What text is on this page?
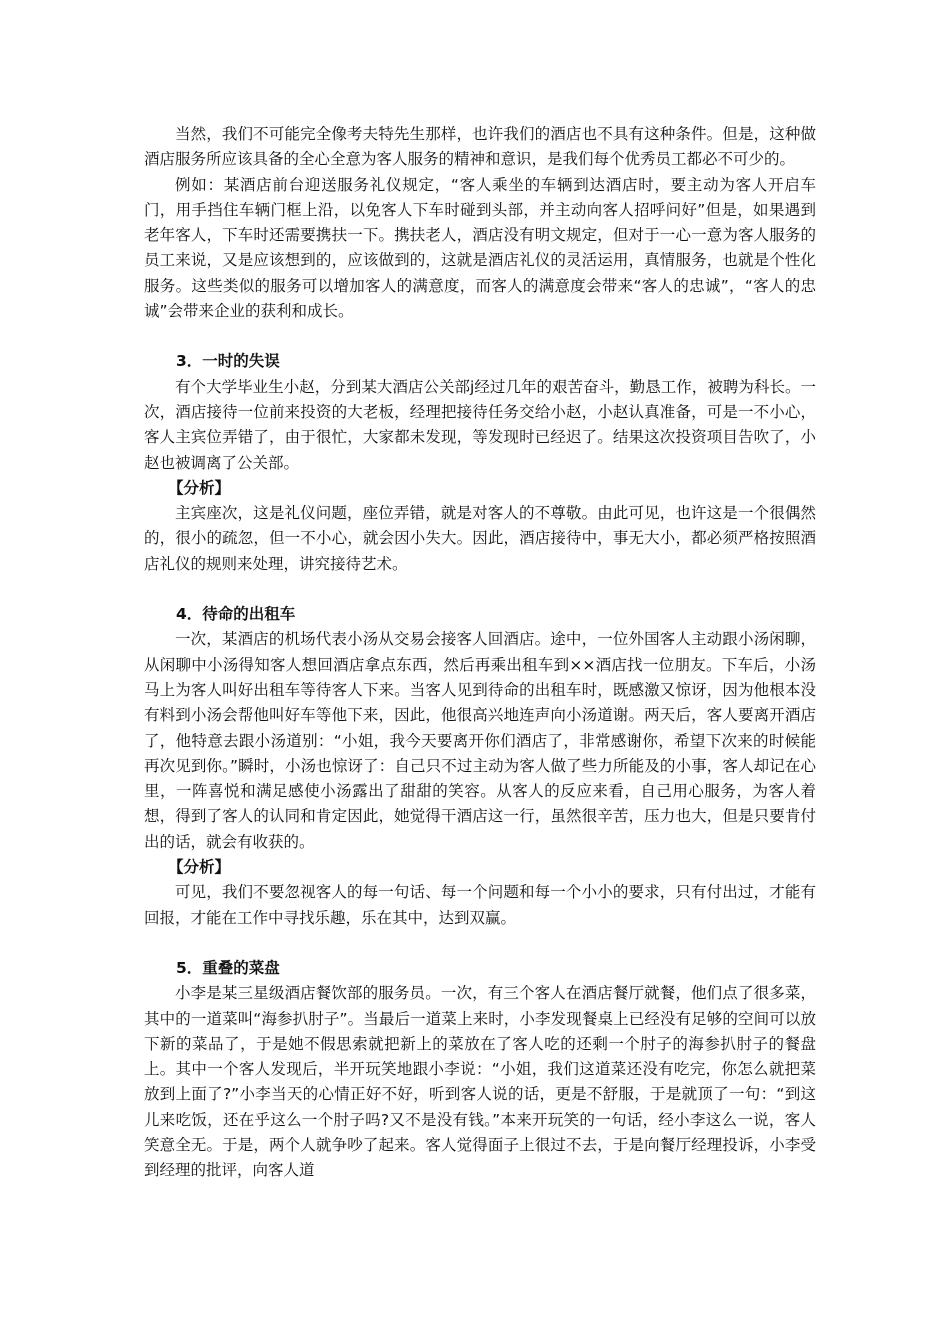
当然，我们不可能完全像考夫特先生那样，也许我们的酒店也不具有这种条件。但是，这种做酒店服务所应该具备的全心全意为客人服务的精神和意识，是我们每个优秀员工都必不可少的。

例如：某酒店前台迎送服务礼仪规定，“客人乘坐的车辆到达酒店时，要主动为客人开启车门，用手挡住车辆门框上沿，以免客人下车时碰到头部，并主动向客人招呼问好”但是，如果遇到老年客人，下车时还需要携扶一下。携扶老人，酒店没有明文规定，但对于一心一意为客人服务的员工来说，又是应该想到的，应该做到的，这就是酒店礼仪的灵活运用，真情服务，也就是个性化服务。这些类似的服务可以增加客人的满意度，而客人的满意度会带来“客人的忠诚”，“客人的忠诚”会带来企业的获利和成长。

3．一时的失误

有个大学毕业生小赵，分到某大酒店公关部j经过几年的艰苦奋斗，勤恳工作，被聘为科长。一次，酒店接待一位前来投资的大老板，经理把接待任务交给小赵，小赵认真准备，可是一不小心，客人主宾位弄错了，由于很忙，大家都未发现，等发现时已经迟了。结果这次投资项目告吹了，小赵也被调离了公关部。

【分析】

主宾座次，这是礼仪问题，座位弄错，就是对客人的不尊敬。由此可见，也许这是一个很偶然的，很小的疏忽，但一不小心，就会因小失大。因此，酒店接待中，事无大小，都必须严格按照酒店礼仪的规则来处理，讲究接待艺术。

4．待命的出租车

一次，某酒店的机场代表小汤从交易会接客人回酒店。途中，一位外国客人主动跟小汤闲聊，从闲聊中小汤得知客人想回酒店拿点东西，然后再乘出租车到××酒店找一位朋友。下车后，小汤马上为客人叫好出租车等待客人下来。当客人见到待命的出租车时，既感激又惊讶，因为他根本没有料到小汤会帮他叫好车等他下来，因此，他很高兴地连声向小汤道谢。两天后，客人要离开酒店了，他特意去跟小汤道别：“小姐，我今天要离开你们酒店了，非常感谢你，希望下次来的时候能再次见到你。”瞬时，小汤也惊讶了：自己只不过主动为客人做了些力所能及的小事，客人却记在心里，一阵喜悦和满足感使小汤露出了甜甜的笑容。从客人的反应来看，自己用心服务，为客人着想，得到了客人的认同和肯定因此，她觉得干酒店这一行，虽然很辛苦，压力也大，但是只要肯付出的话，就会有收获的。

【分析】

可见，我们不要忽视客人的每一句话、每一个问题和每一个小小的要求，只有付出过，才能有回报，才能在工作中寻找乐趣，乐在其中，达到双赢。

5．重叠的菜盘

小李是某三星级酒店餐饮部的服务员。一次，有三个客人在酒店餐厅就餐，他们点了很多菜，其中的一道菜叫“海参扒肘子”。当最后一道菜上来时，小李发现餐桌上已经没有足够的空间可以放下新的菜品了，于是她不假思索就把新上的菜放在了客人吃的还剩一个肘子的海参扒肘子的餐盘上。其中一个客人发现后，半开玩笑地跟小李说：“小姐，我们这道菜还没有吃完，你怎么就把菜放到上面了?”小李当天的心情正好不好，听到客人说的话，更是不舒服，于是就顶了一句：“到这儿来吃饭，还在乎这么一个肘子吗?又不是没有钱。”本来开玩笑的一句话，经小李这么一说，客人笑意全无。于是，两个人就争吵了起来。客人觉得面子上很过不去，于是向餐厅经理投诉，小李受到经理的批评，向客人道
